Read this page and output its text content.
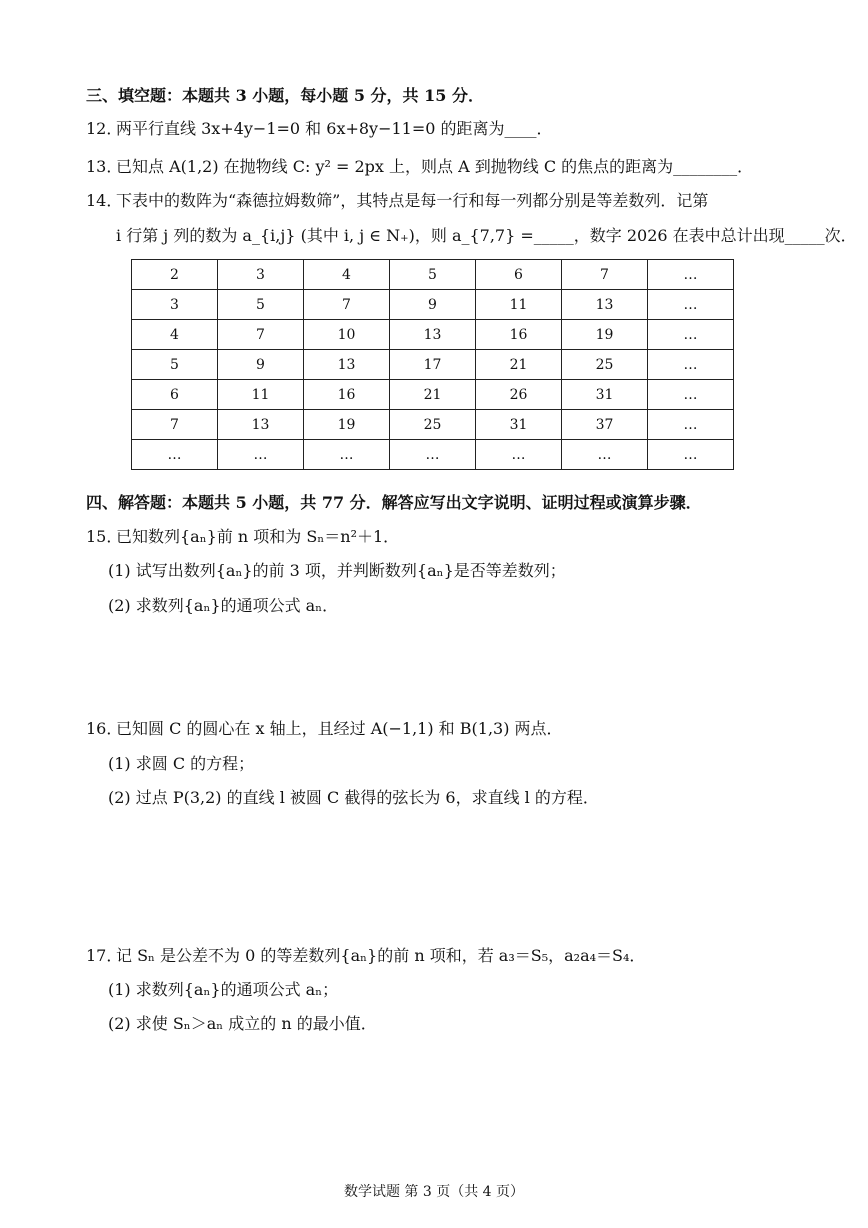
三、填空题：本题共 3 小题，每小题 5 分，共 15 分．
12．两平行直线 3x+4y−1=0 和 6x+8y−11=0 的距离为____．
13．已知点 A(1,2) 在抛物线 C: y² = 2px 上，则点 A 到抛物线 C 的焦点的距离为________．
14．下表中的数阵为“森德拉姆数筛”，其特点是每一行和每一列都分别是等差数列．记第
i 行第 j 列的数为 a_{i,j} (其中 i, j ∈ N₊)，则 a_{7,7} =_____，数字 2026 在表中总计出现_____次．
2	3	4	5	6	7	…
3	5	7	9	11	13	…
4	7	10	13	16	19	…
5	9	13	17	21	25	…
6	11	16	21	26	31	…
7	13	19	25	31	37	…
…	…	…	…	…	…	…
四、解答题：本题共 5 小题，共 77 分．解答应写出文字说明、证明过程或演算步骤．
15．已知数列{aₙ}前 n 项和为 Sₙ＝n²＋1．
(1) 试写出数列{aₙ}的前 3 项，并判断数列{aₙ}是否等差数列；
(2) 求数列{aₙ}的通项公式 aₙ．
16．已知圆 C 的圆心在 x 轴上，且经过 A(−1,1) 和 B(1,3) 两点．
(1) 求圆 C 的方程；
(2) 过点 P(3,2) 的直线 l 被圆 C 截得的弦长为 6，求直线 l 的方程．
17．记 Sₙ 是公差不为 0 的等差数列{aₙ}的前 n 项和，若 a₃＝S₅，a₂a₄＝S₄．
(1) 求数列{aₙ}的通项公式 aₙ；
(2) 求使 Sₙ＞aₙ 成立的 n 的最小值．
数学试题 第 3 页（共 4 页）
